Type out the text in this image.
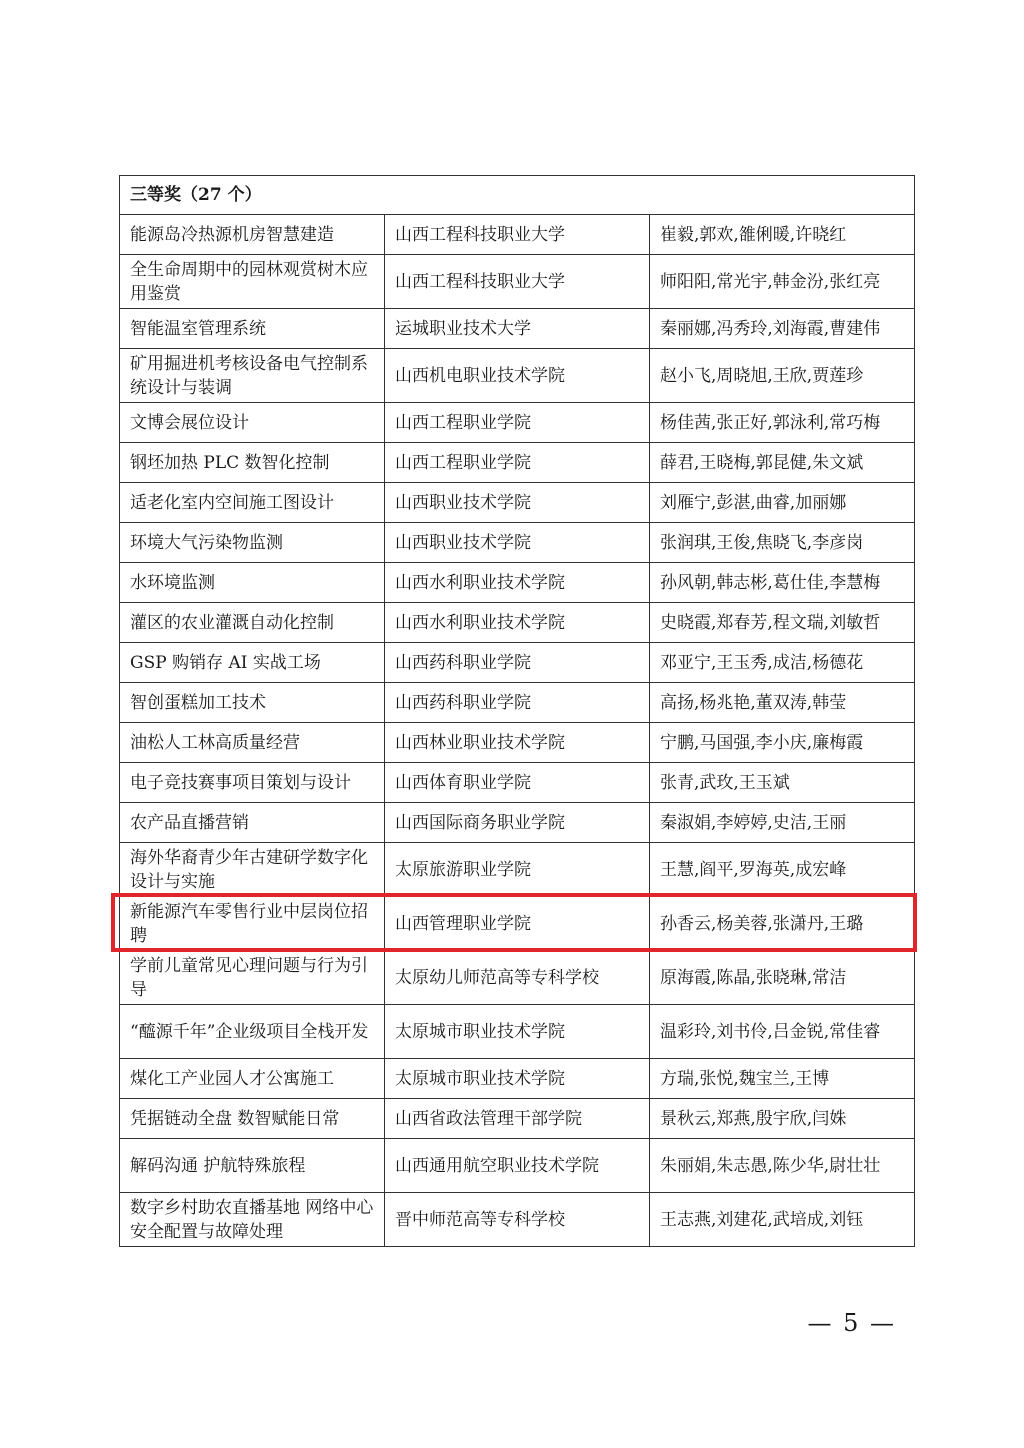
三等奖（27 个）		
能源岛冷热源机房智慧建造	山西工程科技职业大学	崔毅,郭欢,雒俐暖,许晓红
全生命周期中的园林观赏树木应用鉴赏	山西工程科技职业大学	师阳阳,常光宇,韩金汾,张红亮
智能温室管理系统	运城职业技术大学	秦丽娜,冯秀玲,刘海霞,曹建伟
矿用掘进机考核设备电气控制系统设计与装调	山西机电职业技术学院	赵小飞,周晓旭,王欣,贾莲珍
文博会展位设计	山西工程职业学院	杨佳茜,张正好,郭泳利,常巧梅
钢坯加热 PLC 数智化控制	山西工程职业学院	薛君,王晓梅,郭昆健,朱文斌
适老化室内空间施工图设计	山西职业技术学院	刘雁宁,彭湛,曲睿,加丽娜
环境大气污染物监测	山西职业技术学院	张润琪,王俊,焦晓飞,李彦岗
水环境监测	山西水利职业技术学院	孙风朝,韩志彬,葛仕佳,李慧梅
灌区的农业灌溉自动化控制	山西水利职业技术学院	史晓霞,郑春芳,程文瑞,刘敏哲
GSP 购销存 AI 实战工场	山西药科职业学院	邓亚宁,王玉秀,成洁,杨德花
智创蛋糕加工技术	山西药科职业学院	高扬,杨兆艳,董双涛,韩莹
油松人工林高质量经营	山西林业职业技术学院	宁鹏,马国强,李小庆,廉梅霞
电子竞技赛事项目策划与设计	山西体育职业学院	张青,武玫,王玉斌
农产品直播营销	山西国际商务职业学院	秦淑娟,李婷婷,史洁,王丽
海外华裔青少年古建研学数字化设计与实施	太原旅游职业学院	王慧,阎平,罗海英,成宏峰
新能源汽车零售行业中层岗位招聘	山西管理职业学院	孙香云,杨美蓉,张潇丹,王璐
学前儿童常见心理问题与行为引导	太原幼儿师范高等专科学校	原海霞,陈晶,张晓琳,常洁
“醯源千年”企业级项目全栈开发	太原城市职业技术学院	温彩玲,刘书伶,吕金锐,常佳睿
煤化工产业园人才公寓施工	太原城市职业技术学院	方瑞,张悦,魏宝兰,王博
凭据链动全盘 数智赋能日常	山西省政法管理干部学院	景秋云,郑燕,殷宇欣,闫姝
解码沟通 护航特殊旅程	山西通用航空职业技术学院	朱丽娟,朱志愚,陈少华,尉壮壮
数字乡村助农直播基地 网络中心安全配置与故障处理	晋中师范高等专科学校	王志燕,刘建花,武培成,刘钰
— 5 —
